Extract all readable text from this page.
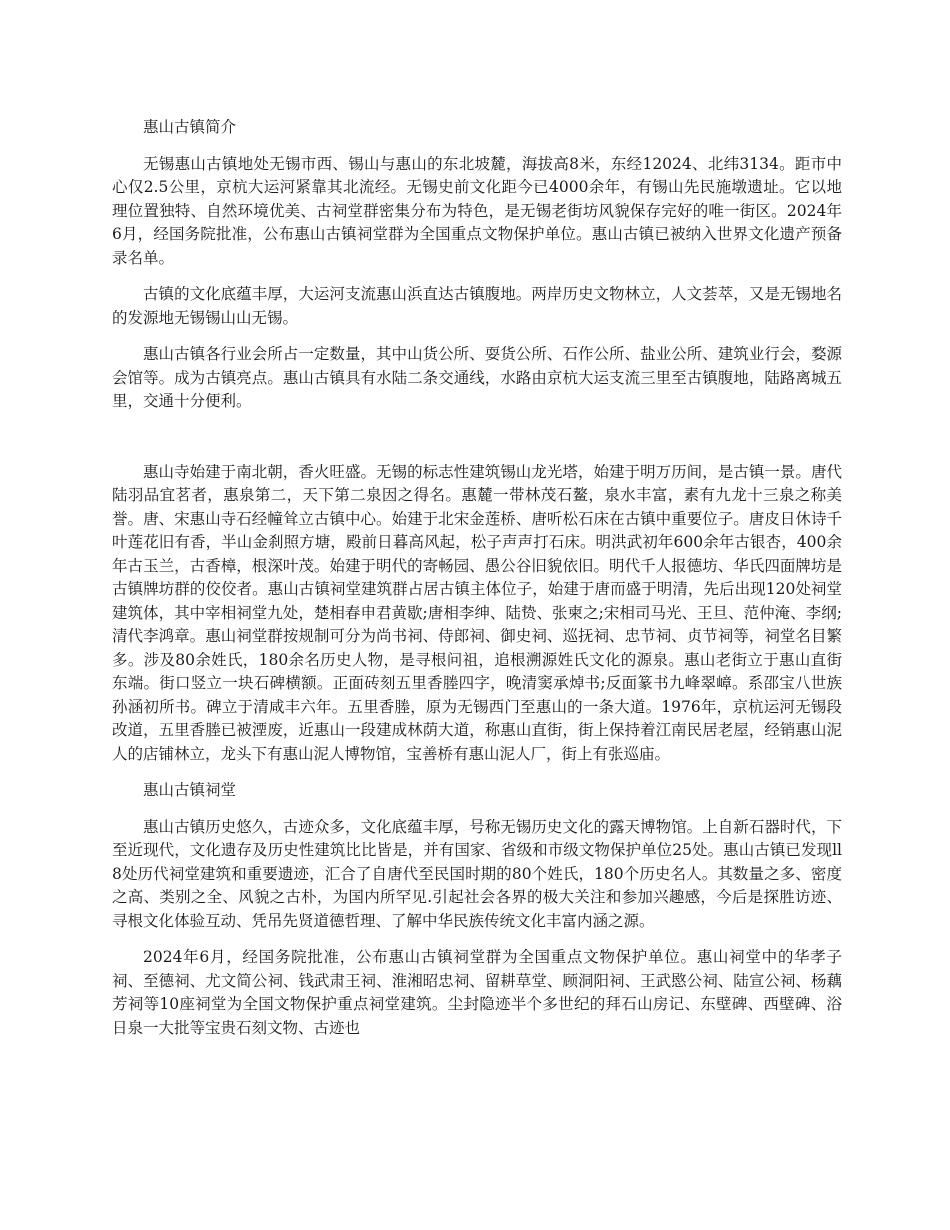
惠山古镇简介

无锡惠山古镇地处无锡市西、锡山与惠山的东北坡麓，海拔高8米，东经12024、北纬3134。距市中心仅2.5公里，京杭大运河紧靠其北流经。无锡史前文化距今已4000余年，有锡山先民施墩遗址。它以地理位置独特、自然环境优美、古祠堂群密集分布为特色，是无锡老街坊风貌保存完好的唯一街区。2024年6月，经国务院批准，公布惠山古镇祠堂群为全国重点文物保护单位。惠山古镇已被纳入世界文化遗产预备录名单。

古镇的文化底蕴丰厚，大运河支流惠山浜直达古镇腹地。两岸历史文物林立，人文荟萃，又是无锡地名的发源地无锡锡山山无锡。

惠山古镇各行业会所占一定数量，其中山货公所、耍货公所、石作公所、盐业公所、建筑业行会，婺源会馆等。成为古镇亮点。惠山古镇具有水陆二条交通线，水路由京杭大运支流三里至古镇腹地，陆路离城五里，交通十分便利。

惠山寺始建于南北朝，香火旺盛。无锡的标志性建筑锡山龙光塔，始建于明万历间，是古镇一景。唐代陆羽品宜茗者，惠泉第二，天下第二泉因之得名。惠麓一带林茂石鳌，泉水丰富，素有九龙十三泉之称美誉。唐、宋惠山寺石经幢耸立古镇中心。始建于北宋金莲桥、唐听松石床在古镇中重要位子。唐皮日休诗千叶莲花旧有香，半山金刹照方塘，殿前日暮高风起，松子声声打石床。明洪武初年600余年古银杏，400余年古玉兰，古香樟，根深叶茂。始建于明代的寄畅园、愚公谷旧貌依旧。明代千人报德坊、华氏四面牌坊是古镇牌坊群的佼佼者。惠山古镇祠堂建筑群占居古镇主体位子，始建于唐而盛于明清，先后出现120处祠堂建筑体，其中宰相祠堂九处，楚相春申君黄歇;唐相李绅、陆贽、张柬之;宋相司马光、王旦、范仲淹、李纲;清代李鸿章。惠山祠堂群按规制可分为尚书祠、侍郎祠、御史祠、巡抚祠、忠节祠、贞节祠等，祠堂名目繁多。涉及80余姓氏，180余名历史人物，是寻根问祖，追根溯源姓氏文化的源泉。惠山老街立于惠山直街东端。街口竖立一块石碑横额。正面砖刻五里香塍四字，晚清窦承焯书;反面篆书九峰翠嶂。系邵宝八世族孙涵初所书。碑立于清咸丰六年。五里香塍，原为无锡西门至惠山的一条大道。1976年，京杭运河无锡段改道，五里香塍已被湮废，近惠山一段建成林荫大道，称惠山直街，街上保持着江南民居老屋，经销惠山泥人的店铺林立，龙头下有惠山泥人博物馆，宝善桥有惠山泥人厂，街上有张巡庙。

惠山古镇祠堂

惠山古镇历史悠久，古迹众多，文化底蕴丰厚，号称无锡历史文化的露天博物馆。上自新石器时代，下至近现代，文化遗存及历史性建筑比比皆是，并有国家、省级和市级文物保护单位25处。惠山古镇已发现ll8处历代祠堂建筑和重要遗迹，汇合了自唐代至民国时期的80个姓氏，180个历史名人。其数量之多、密度之高、类别之全、风貌之古朴，为国内所罕见.引起社会各界的极大关注和参加兴趣感，今后是探胜访迹、寻根文化体验互动、凭吊先贤道德哲理、了解中华民族传统文化丰富内涵之源。

2024年6月，经国务院批准，公布惠山古镇祠堂群为全国重点文物保护单位。惠山祠堂中的华孝子祠、至德祠、尤文简公祠、钱武肃王祠、淮湘昭忠祠、留耕草堂、顾洞阳祠、王武愍公祠、陆宣公祠、杨藕芳祠等10座祠堂为全国文物保护重点祠堂建筑。尘封隐迹半个多世纪的拜石山房记、东壁碑、西壁碑、浴日泉一大批等宝贵石刻文物、古迹也
